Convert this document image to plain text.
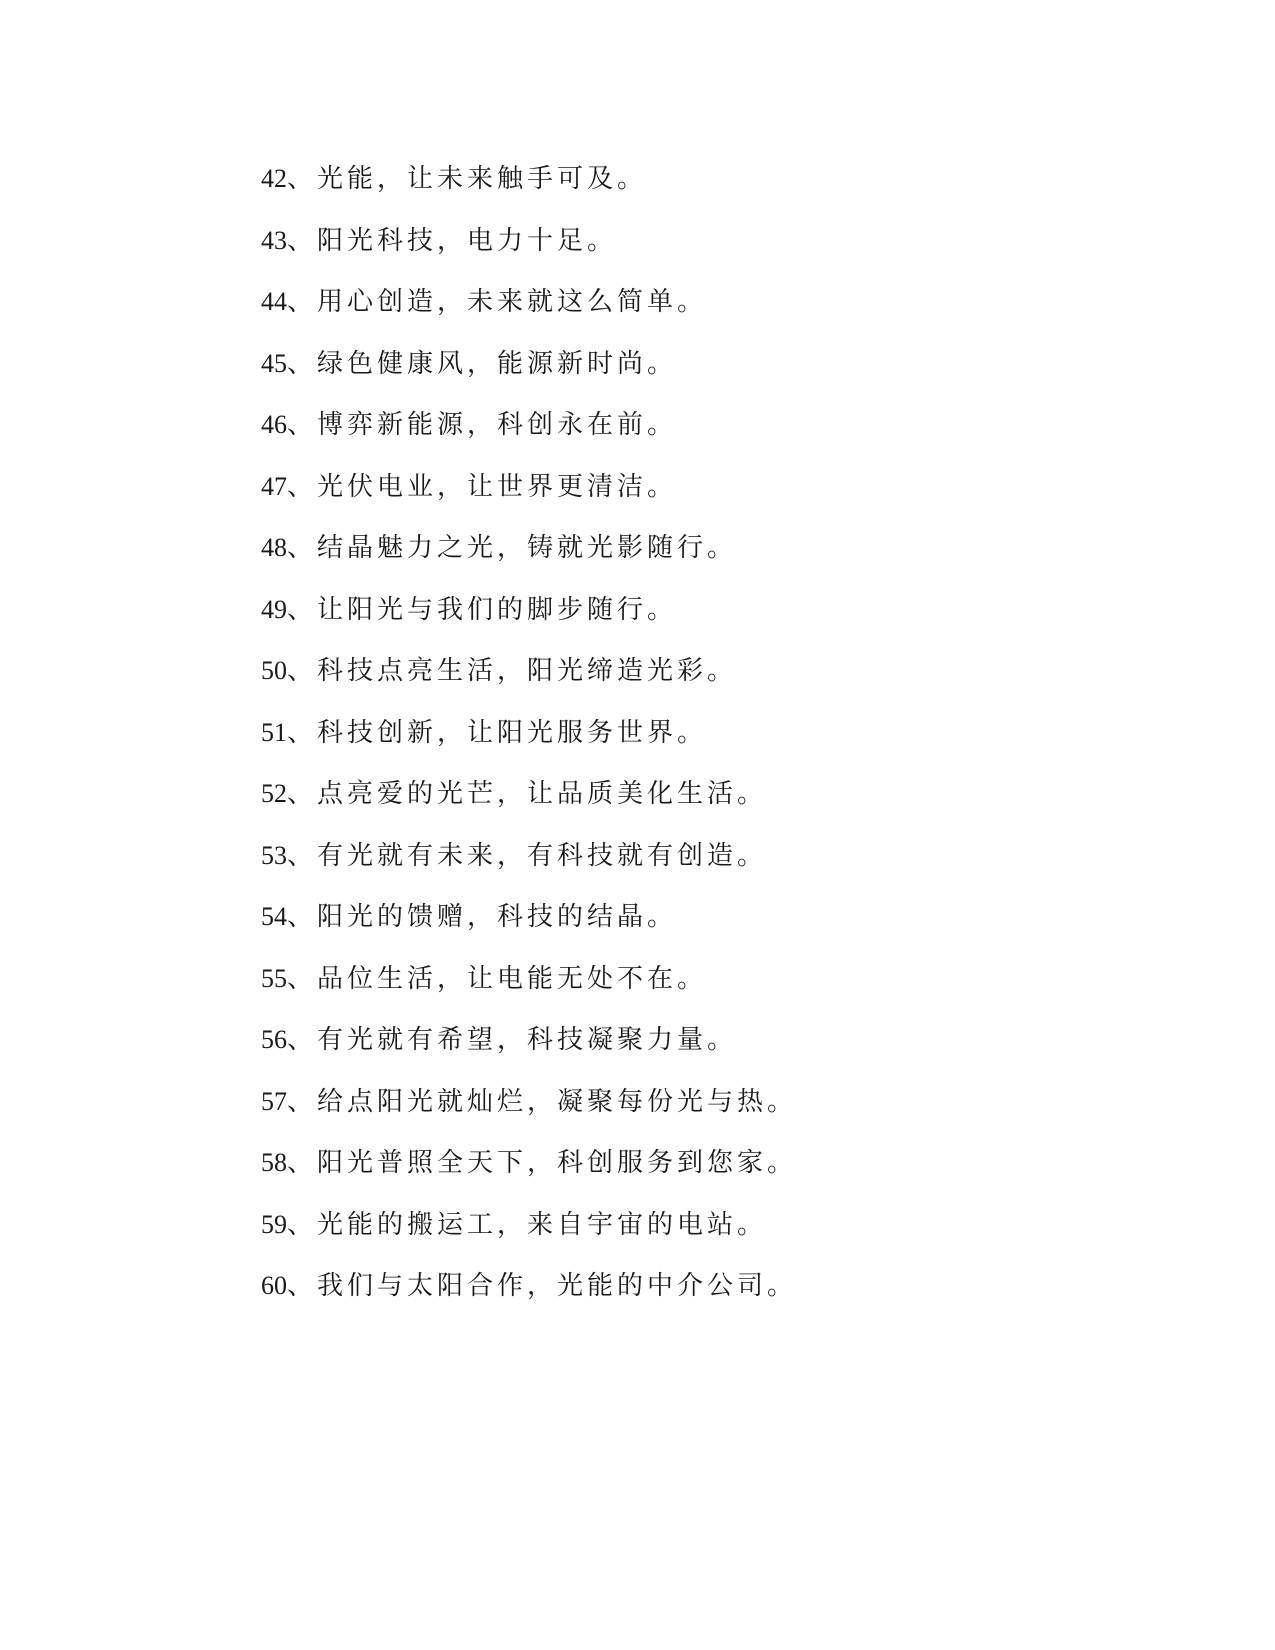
42、光能，让未来触手可及。
43、阳光科技，电力十足。
44、用心创造，未来就这么简单。
45、绿色健康风，能源新时尚。
46、博弈新能源，科创永在前。
47、光伏电业，让世界更清洁。
48、结晶魅力之光，铸就光影随行。
49、让阳光与我们的脚步随行。
50、科技点亮生活，阳光缔造光彩。
51、科技创新，让阳光服务世界。
52、点亮爱的光芒，让品质美化生活。
53、有光就有未来，有科技就有创造。
54、阳光的馈赠，科技的结晶。
55、品位生活，让电能无处不在。
56、有光就有希望，科技凝聚力量。
57、给点阳光就灿烂，凝聚每份光与热。
58、阳光普照全天下，科创服务到您家。
59、光能的搬运工，来自宇宙的电站。
60、我们与太阳合作，光能的中介公司。
